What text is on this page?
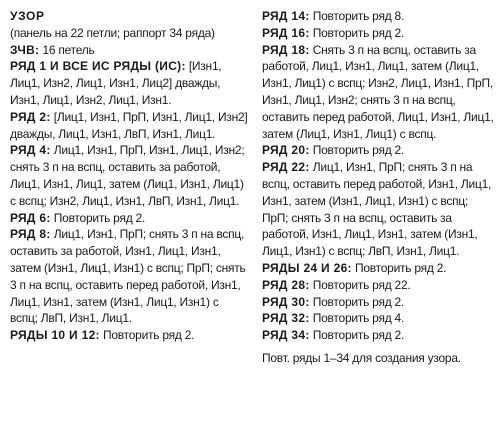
УЗОР
(панель на 22 петли; раппорт 34 ряда)
ЗЧВ: 16 петель

РЯД 1 И ВСЕ ИС РЯДЫ (ИС): [Изн1, Лиц1, Изн2, Лиц1, Изн1, Лиц2] дважды, Изн1, Лиц1, Изн2, Лиц1, Изн1.

РЯД 2: [Лиц1, Изн1, ПрП, Изн1, Лиц1, Изн2] дважды, Лиц1, Изн1, ЛвП, Изн1, Лиц1.

РЯД 4: Лиц1, Изн1, ПрП, Изн1, Лиц1, Изн2; снять 3 п на вспц, оставить за работой, Лиц1, Изн1, Лиц1, затем (Лиц1, Изн1, Лиц1) с вспц; Изн2, Лиц1, Изн1, ЛвП, Изн1, Лиц1.

РЯД 6: Повторить ряд 2.

РЯД 8: Лиц1, Изн1, ПрП; снять 3 п на вспц, оставить за работой, Изн1, Лиц1, Изн1, затем (Изн1, Лиц1, Изн1) с вспц; ПрП; снять 3 п на вспц, оставить перед работой, Изн1, Лиц1, Изн1, затем (Изн1, Лиц1, Изн1) с вспц; ЛвП, Изн1, Лиц1.

РЯДЫ 10 И 12: Повторить ряд 2.

РЯД 14: Повторить ряд 8.

РЯД 16: Повторить ряд 2.

РЯД 18: Снять 3 п на вспц, оставить за работой, Лиц1, Изн1, Лиц1, затем (Лиц1, Изн1, Лиц1) с вспц; Изн2, Лиц1, Изн1, ПрП, Изн1, Лиц1, Изн2; снять 3 п на вспц, оставить перед работой, Лиц1, Изн1, Лиц1, затем (Лиц1, Изн1, Лиц1) с вспц.

РЯД 20: Повторить ряд 2.

РЯД 22: Лиц1, Изн1, ПрП; снять 3 п на вспц, оставить перед работой, Изн1, Лиц1, Изн1, затем (Изн1, Лиц1, Изн1) с вспц; ПрП; снять 3 п на вспц, оставить за работой, Изн1, Лиц1, Изн1, затем (Изн1, Лиц1, Изн1) с вспц; ЛвП, Изн1, Лиц1.

РЯДЫ 24 И 26: Повторить ряд 2.

РЯД 28: Повторить ряд 22.

РЯД 30: Повторить ряд 2.

РЯД 32: Повторить ряд 4.

РЯД 34: Повторить ряд 2.

Повт. ряды 1–34 для создания узора.
